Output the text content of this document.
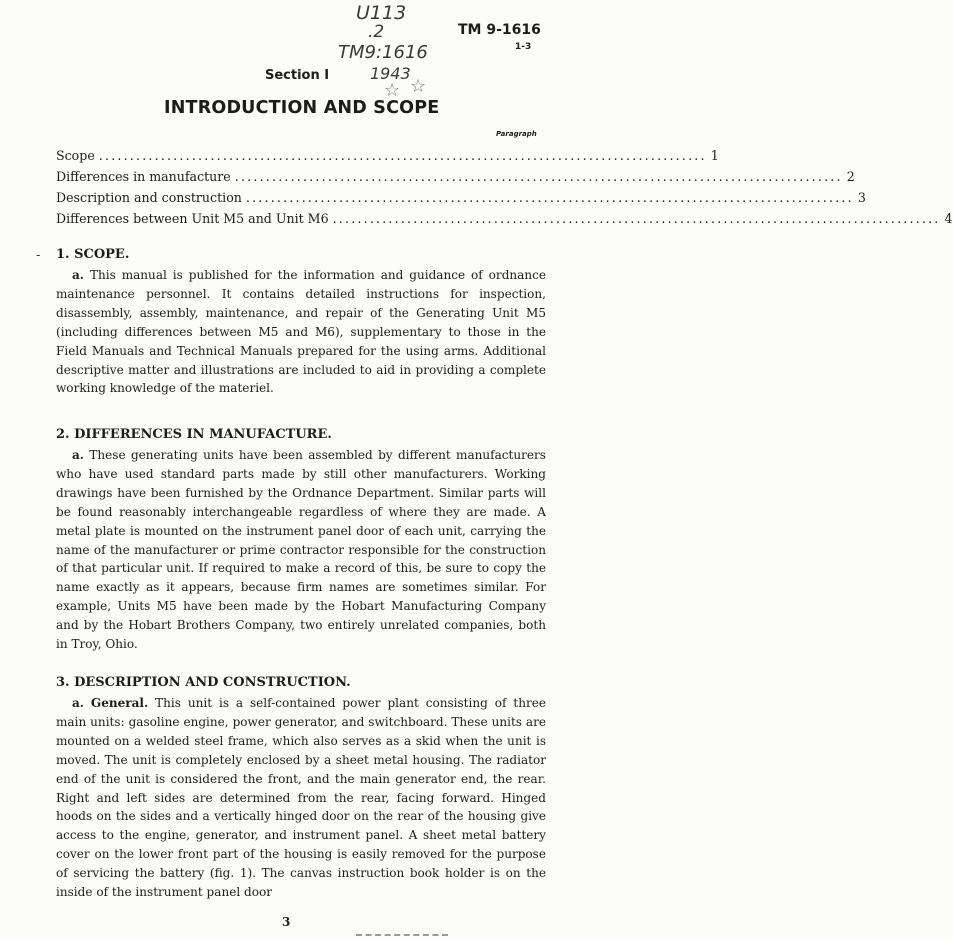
U113
.2
TM9:1616
1943
☆ ☆
TM 9-1616
1-3
Section I
INTRODUCTION AND SCOPE
Paragraph
Scope .................................................................................................. 1
Differences in manufacture .................................................................................................. 2
Description and construction .................................................................................................. 3
Differences between Unit M5 and Unit M6 .................................................................................................. 4
- 1. SCOPE.
a. This manual is published for the information and guidance of ordnance maintenance personnel. It contains detailed instructions for inspection, disassembly, assembly, maintenance, and repair of the Generating Unit M5 (including differences between M5 and M6), supplementary to those in the Field Manuals and Technical Manuals prepared for the using arms. Additional descriptive matter and illustrations are included to aid in providing a complete working knowledge of the materiel.
2. DIFFERENCES IN MANUFACTURE.
a. These generating units have been assembled by different manufacturers who have used standard parts made by still other manufacturers. Working drawings have been furnished by the Ordnance Department. Similar parts will be found reasonably interchangeable regardless of where they are made. A metal plate is mounted on the instrument panel door of each unit, carrying the name of the manufacturer or prime contractor responsible for the construction of that particular unit. If required to make a record of this, be sure to copy the name exactly as it appears, because firm names are sometimes similar. For example, Units M5 have been made by the Hobart Manufacturing Company and by the Hobart Brothers Company, two entirely unrelated companies, both in Troy, Ohio.
3. DESCRIPTION AND CONSTRUCTION.
a. General. This unit is a self-contained power plant consisting of three main units: gasoline engine, power generator, and switchboard. These units are mounted on a welded steel frame, which also serves as a skid when the unit is moved. The unit is completely enclosed by a sheet metal housing. The radiator end of the unit is considered the front, and the main generator end, the rear. Right and left sides are determined from the rear, facing forward. Hinged hoods on the sides and a vertically hinged door on the rear of the housing give access to the engine, generator, and instrument panel. A sheet metal battery cover on the lower front part of the housing is easily removed for the purpose of servicing the battery (fig. 1). The canvas instruction book holder is on the inside of the instrument panel door
3
